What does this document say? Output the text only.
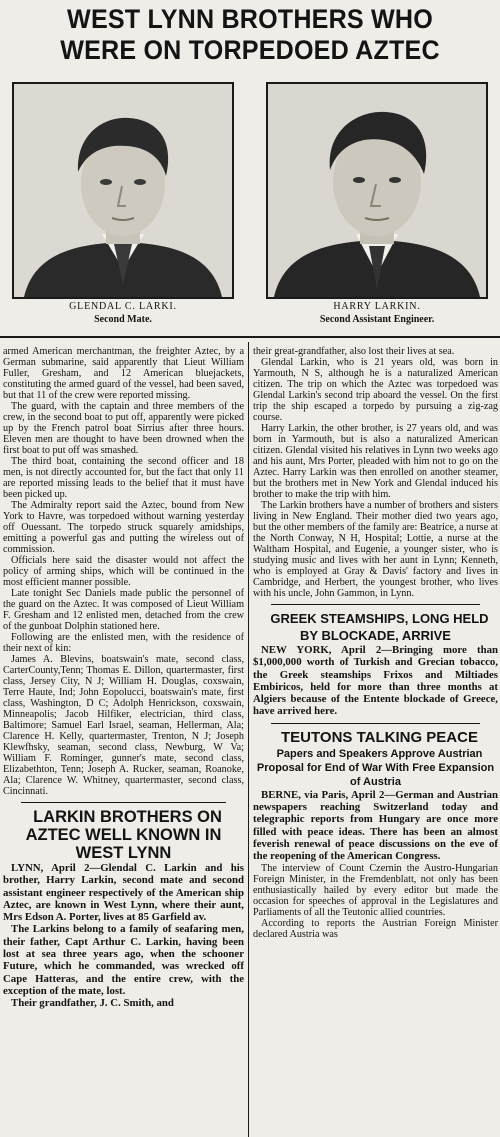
WEST LYNN BROTHERS WHO
WERE ON TORPEDOED AZTEC
GLENDAL C. LARKI.
Second Mate.
HARRY LARKIN.
Second Assistant Engineer.

armed American merchantman, the freighter Aztec, by a German submarine, said apparently that Lieut William Fuller, Gresham, and 12 American bluejackets, constituting the armed guard of the vessel, had been saved, but that 11 of the crew were reported missing.

The guard, with the captain and three members of the crew, in the second boat to put off, apparently were picked up by the French patrol boat Sirrius after three hours. Eleven men are thought to have been drowned when the first boat to put off was smashed.

The third boat, containing the second officer and 18 men, is not directly accounted for, but the fact that only 11 are reported missing leads to the belief that it must have been picked up.

The Admiralty report said the Aztec, bound from New York to Havre, was torpedoed without warning yesterday off Ouessant. The torpedo struck squarely amidships, emitting a powerful gas and putting the wireless out of commission.

Officials here said the disaster would not affect the policy of arming ships, which will be continued in the most efficient manner possible.

Late tonight Sec Daniels made public the personnel of the guard on the Aztec. It was composed of Lieut William F. Gresham and 12 enlisted men, detached from the crew of the gunboat Dolphin stationed here.

Following are the enlisted men, with the residence of their next of kin:

James A. Blevins, boatswain's mate, second class, CarterCounty,Tenn; Thomas E. Dillon, quartermaster, first class, Jersey City, N J; William H. Douglas, coxswain, Terre Haute, Ind; John Eopolucci, boatswain's mate, first class, Washington, D C; Adolph Henrickson, coxswain, Minneapolis; Jacob Hilfiker, electrician, third class, Baltimore; Samuel Earl Israel, seaman, Hellerman, Ala; Clarence H. Kelly, quartermaster, Trenton, N J; Joseph Klewfhsky, seaman, second class, Newburg, W Va; William F. Rominger, gunner's mate, second class, Elizabethton, Tenn; Joseph A. Rucker, seaman, Roanoke, Ala; Clarence W. Whitney, quartermaster, second class, Cincinnati.

LARKIN BROTHERS ON AZTEC WELL KNOWN IN WEST LYNN

LYNN, April 2—Glendal C. Larkin and his brother, Harry Larkin, second mate and second assistant engineer respectively of the American ship Aztec, are known in West Lynn, where their aunt, Mrs Edson A. Porter, lives at 85 Garfield av.

The Larkins belong to a family of seafaring men, their father, Capt Arthur C. Larkin, having been lost at sea three years ago, when the schooner Future, which he commanded, was wrecked off Cape Hatteras, and the entire crew, with the exception of the mate, lost.

Their grandfather, J. C. Smith, and

their great-grandfather, also lost their lives at sea.

Glendal Larkin, who is 21 years old, was born in Yarmouth, N S, although he is a naturalized American citizen. The trip on which the Aztec was torpedoed was Glendal Larkin's second trip aboard the vessel. On the first trip the ship escaped a torpedo by pursuing a zig-zag course.

Harry Larkin, the other brother, is 27 years old, and was born in Yarmouth, but is also a naturalized American citizen. Glendal visited his relatives in Lynn two weeks ago and his aunt, Mrs Porter, pleaded with him not to go on the Aztec. Harry Larkin was then enrolled on another steamer, but the brothers met in New York and Glendal induced his brother to make the trip with him.

The Larkin brothers have a number of brothers and sisters living in New England. Their mother died two years ago, but the other members of the family are: Beatrice, a nurse at the North Conway, N H, Hospital; Lottie, a nurse at the Waltham Hospital, and Eugenie, a younger sister, who is studying music and lives with her aunt in Lynn; Kenneth, who is employed at Gray & Davis' factory and lives in Cambridge, and Herbert, the youngest brother, who lives with his uncle, John Gammon, in Lynn.

GREEK STEAMSHIPS, LONG HELD BY BLOCKADE, ARRIVE

NEW YORK, April 2—Bringing more than $1,000,000 worth of Turkish and Grecian tobacco, the Greek steamships Frixos and Miltiades Embiricos, held for more than three months at Algiers because of the Entente blockade of Greece, have arrived here.

TEUTONS TALKING PEACE

Papers and Speakers Approve Austrian Proposal for End of War With Free Expansion of Austria

BERNE, via Paris, April 2—German and Austrian newspapers reaching Switzerland today and telegraphic reports from Hungary are once more filled with peace ideas. There has been an almost feverish renewal of peace discussions on the eve of the reopening of the American Congress.

The interview of Count Czernin the Austro-Hungarian Foreign Minister, in the Fremdenblatt, not only has been enthusiastically hailed by every editor but made the occasion for speeches of approval in the Legislatures and Parliaments of all the Teutonic allied countries.

According to reports the Austrian Foreign Minister declared Austria was
